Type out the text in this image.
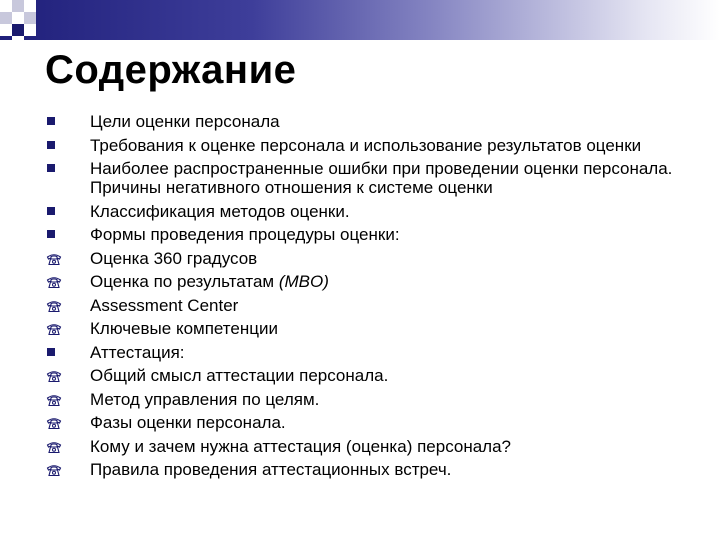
Содержание
Цели оценки персонала
Требования к оценке персонала и использование результатов оценки
Наиболее распространенные ошибки при проведении оценки персонала. Причины негативного отношения к системе оценки
Классификация методов оценки.
Формы проведения процедуры оценки:
Оценка 360 градусов
Оценка по результатам (MBO)
Assessment Center
Ключевые компетенции
Аттестация:
Общий смысл аттестации персонала.
Метод управления по целям.
Фазы оценки персонала.
Кому и зачем нужна аттестация (оценка) персонала?
Правила проведения аттестационных встреч.
